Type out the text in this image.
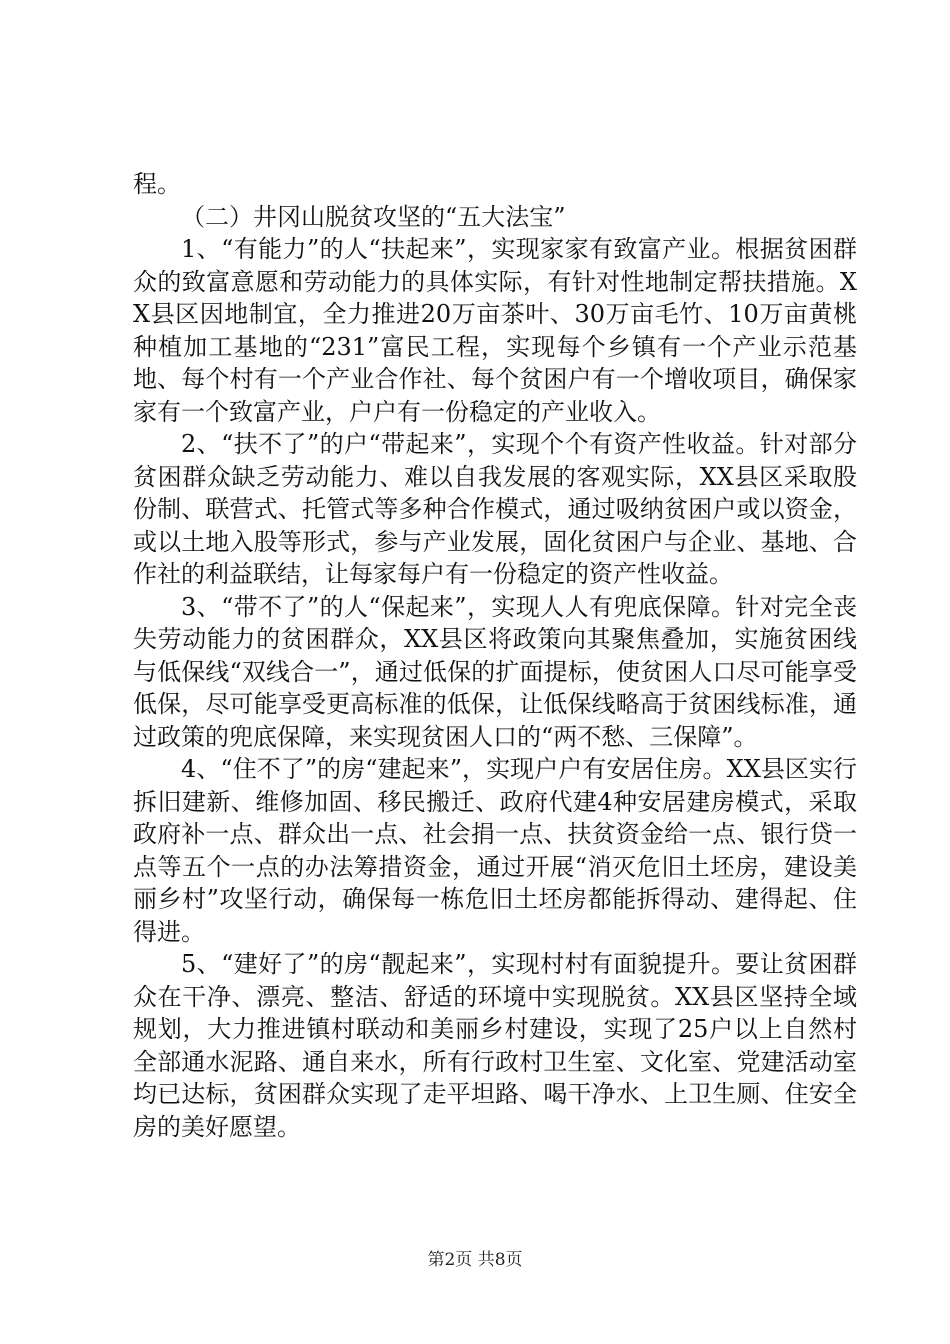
程。

（二）井冈山脱贫攻坚的“五大法宝”

1、“有能力”的人“扶起来”，实现家家有致富产业。根据贫困群众的致富意愿和劳动能力的具体实际，有针对性地制定帮扶措施。XX县区因地制宜，全力推进20万亩茶叶、30万亩毛竹、10万亩黄桃种植加工基地的“231”富民工程，实现每个乡镇有一个产业示范基地、每个村有一个产业合作社、每个贫困户有一个增收项目，确保家家有一个致富产业，户户有一份稳定的产业收入。

2、“扶不了”的户“带起来”，实现个个有资产性收益。针对部分贫困群众缺乏劳动能力、难以自我发展的客观实际，XX县区采取股份制、联营式、托管式等多种合作模式，通过吸纳贫困户或以资金，或以土地入股等形式，参与产业发展，固化贫困户与企业、基地、合作社的利益联结，让每家每户有一份稳定的资产性收益。

3、“带不了”的人“保起来”，实现人人有兜底保障。针对完全丧失劳动能力的贫困群众，XX县区将政策向其聚焦叠加，实施贫困线与低保线“双线合一”，通过低保的扩面提标，使贫困人口尽可能享受低保，尽可能享受更高标准的低保，让低保线略高于贫困线标准，通过政策的兜底保障，来实现贫困人口的“两不愁、三保障”。

4、“住不了”的房“建起来”，实现户户有安居住房。XX县区实行拆旧建新、维修加固、移民搬迁、政府代建4种安居建房模式，采取政府补一点、群众出一点、社会捐一点、扶贫资金给一点、银行贷一点等五个一点的办法筹措资金，通过开展“消灭危旧土坯房，建设美丽乡村”攻坚行动，确保每一栋危旧土坯房都能拆得动、建得起、住得进。

5、“建好了”的房“靓起来”，实现村村有面貌提升。要让贫困群众在干净、漂亮、整洁、舒适的环境中实现脱贫。XX县区坚持全域规划，大力推进镇村联动和美丽乡村建设，实现了25户以上自然村全部通水泥路、通自来水，所有行政村卫生室、文化室、党建活动室均已达标，贫困群众实现了走平坦路、喝干净水、上卫生厕、住安全房的美好愿望。

第2页 共8页
